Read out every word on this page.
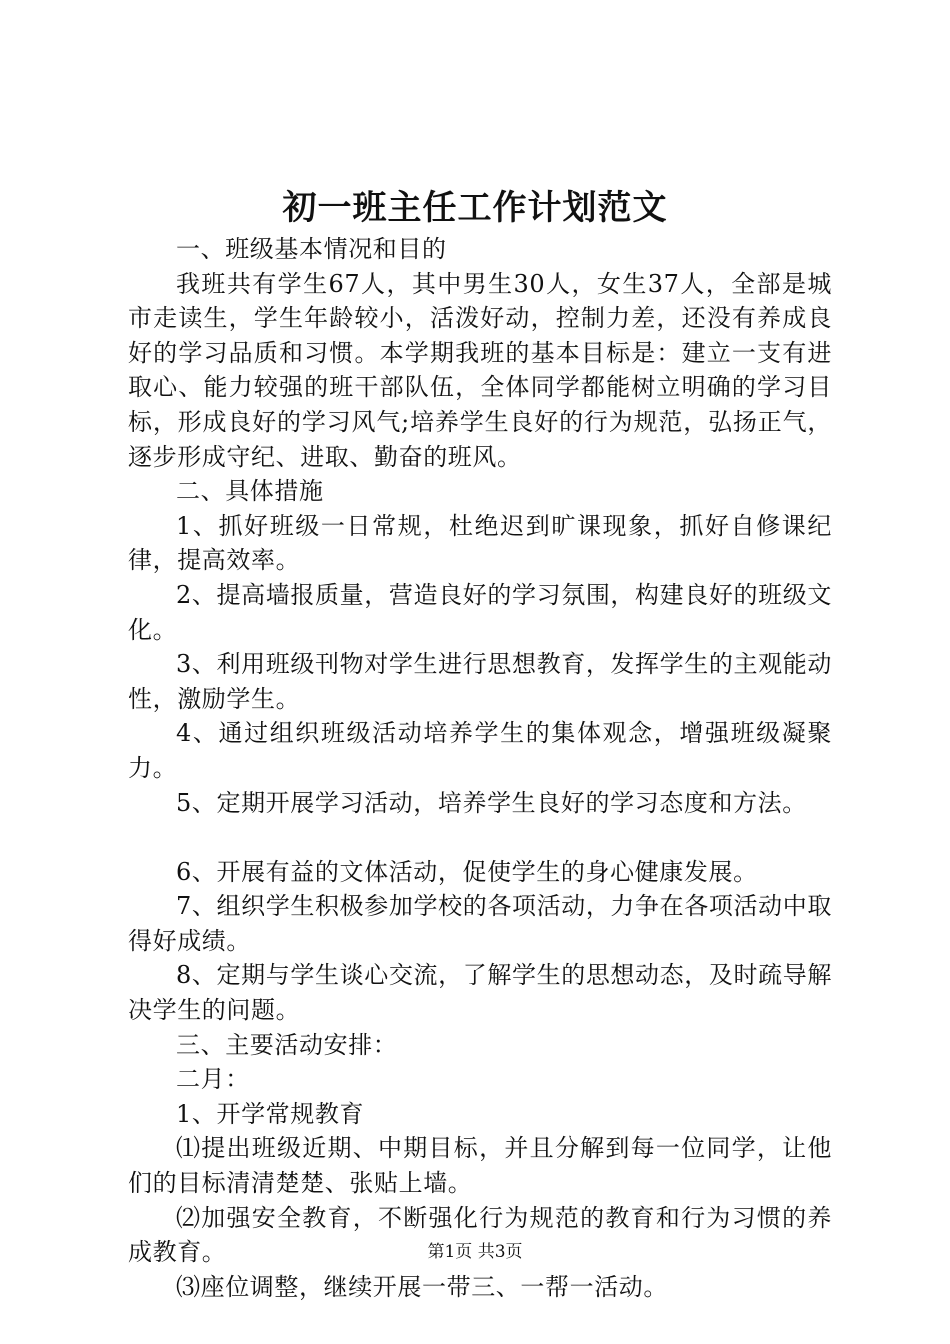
初一班主任工作计划范文

一、班级基本情况和目的

我班共有学生67人，其中男生30人，女生37人，全部是城市走读生，学生年龄较小，活泼好动，控制力差，还没有养成良好的学习品质和习惯。本学期我班的基本目标是：建立一支有进取心、能力较强的班干部队伍，全体同学都能树立明确的学习目标，形成良好的学习风气;培养学生良好的行为规范，弘扬正气，逐步形成守纪、进取、勤奋的班风。

二、具体措施

1、抓好班级一日常规，杜绝迟到旷课现象，抓好自修课纪律，提高效率。

2、提高墙报质量，营造良好的学习氛围，构建良好的班级文化。

3、利用班级刊物对学生进行思想教育，发挥学生的主观能动性，激励学生。

4、通过组织班级活动培养学生的集体观念，增强班级凝聚力。

5、定期开展学习活动，培养学生良好的学习态度和方法。

6、开展有益的文体活动，促使学生的身心健康发展。

7、组织学生积极参加学校的各项活动，力争在各项活动中取得好成绩。

8、定期与学生谈心交流，了解学生的思想动态，及时疏导解决学生的问题。

三、主要活动安排：

二月：

1、开学常规教育

⑴提出班级近期、中期目标，并且分解到每一位同学，让他们的目标清清楚楚、张贴上墙。

⑵加强安全教育，不断强化行为规范的教育和行为习惯的养成教育。

⑶座位调整，继续开展一带三、一帮一活动。

第1页 共3页
